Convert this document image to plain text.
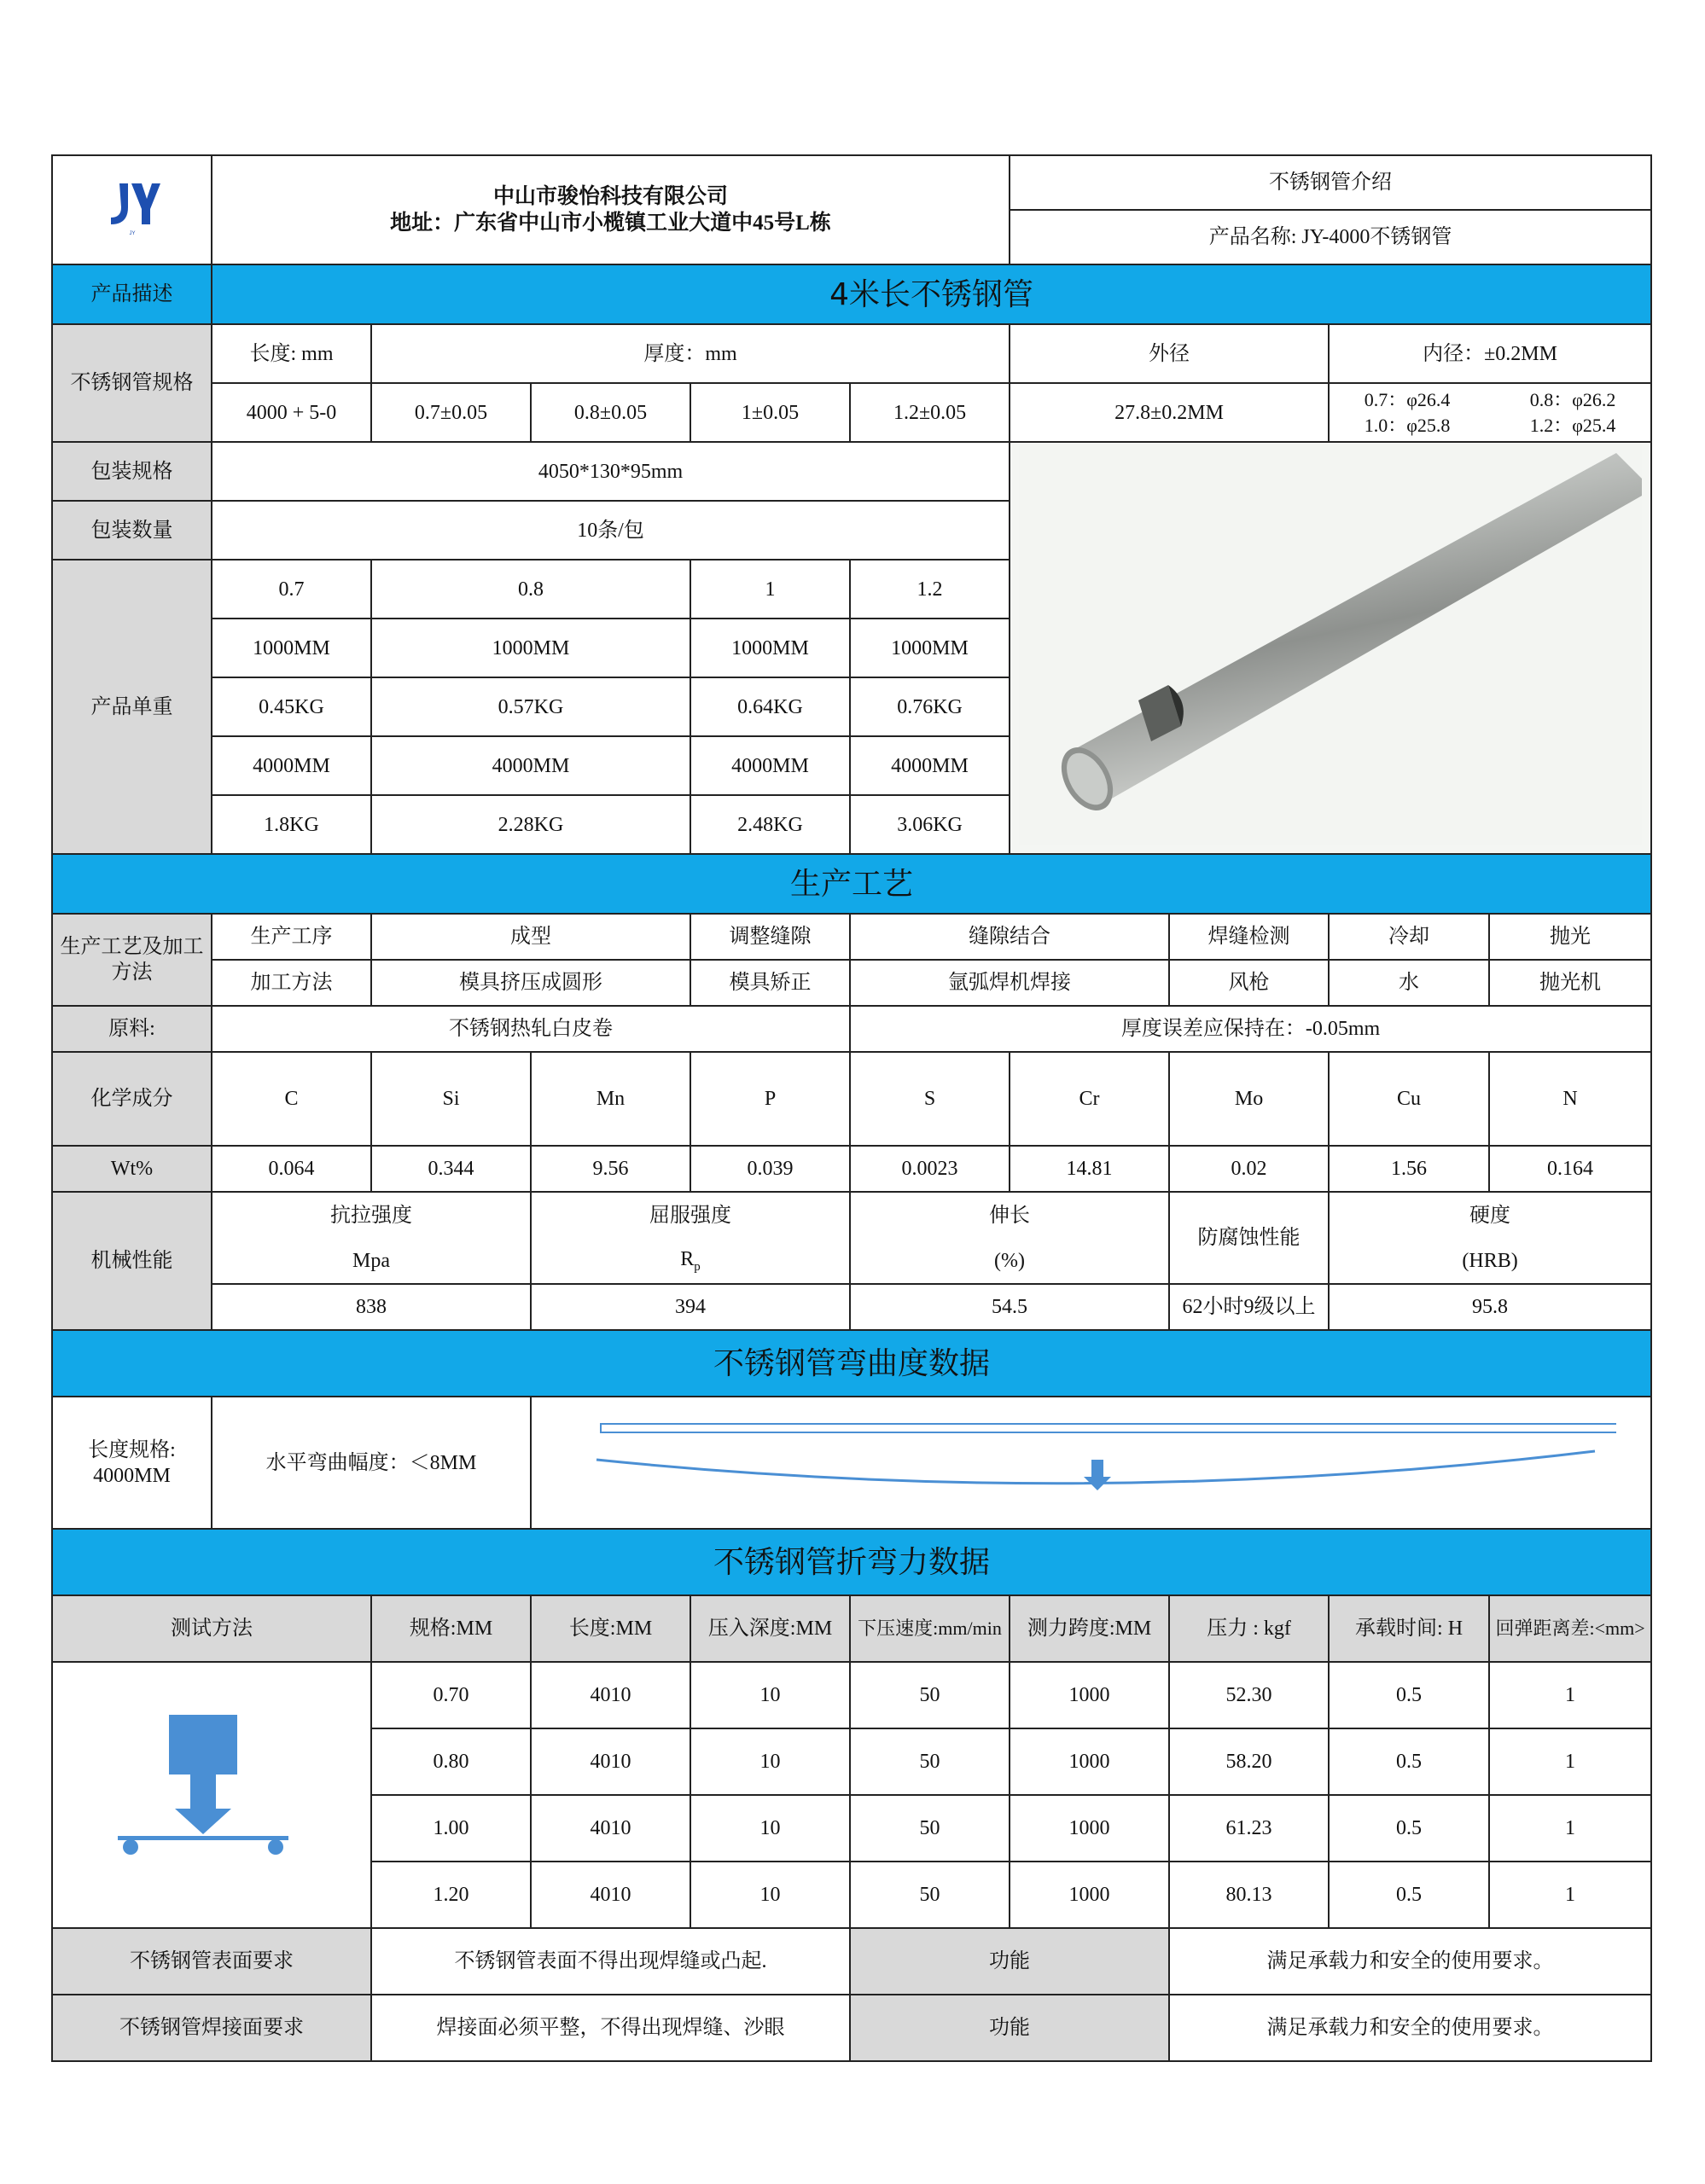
JY	中山市骏怡科技有限公司
地址：广东省中山市小榄镇工业大道中45号L栋					不锈钢管介绍			
						产品名称: JY-4000不锈钢管			
产品描述	4米长不锈钢管								
不锈钢管规格	长度: mm	厚度：mm				外径		内径：±0.2MM	
	4000 + 5-0	0.7±0.05	0.8±0.05	1±0.05	1.2±0.05	27.8±0.2MM		0.7：φ26.4 0.8：φ26.2
1.0：φ25.8 1.2：φ25.4	

包装规格	4050*130*95mm	
包装数量	10条/包								
产品单重	0.7	0.8		1	1.2				
	1000MM	1000MM		1000MM	1000MM				
	0.45KG	0.57KG		0.64KG	0.76KG				
	4000MM	4000MM		4000MM	4000MM				
	1.8KG	2.28KG		2.48KG	3.06KG				
生产工艺									
生产工艺及加工方法	生产工序	成型		调整缝隙	缝隙结合		焊缝检测	冷却	抛光
	加工方法	模具挤压成圆形		模具矫正	氩弧焊机焊接		风枪	水	抛光机
原料:	不锈钢热轧白皮卷				厚度误差应保持在：-0.05mm				
化学成分	C	Si	Mn	P	S	Cr	Mo	Cu	N
Wt%	0.064	0.344	9.56	0.039	0.0023	14.81	0.02	1.56	0.164
机械性能	抗拉强度		屈服强度		伸长		防腐蚀性能	硬度	
	Mpa		$R_p$		(%)			(HRB)	
	838		394		54.5		62小时9级以上	95.8	
不锈钢管弯曲度数据									
长度规格:
4000MM	水平弯曲幅度：＜8MM	
不锈钢管折弯力数据									
测试方法		规格:MM	长度:MM	压入深度:MM	下压速度:mm/min	测力跨度:MM	压力 : kgf	承载时间: H	回弹距离差:<mm>
	0.70	4010	10	50	1000	52.30	0.5	1
		0.80	4010	10	50	1000	58.20	0.5	1
		1.00	4010	10	50	1000	61.23	0.5	1
		1.20	4010	10	50	1000	80.13	0.5	1
不锈钢管表面要求		不锈钢管表面不得出现焊缝或凸起.			功能		满足承载力和安全的使用要求。		
不锈钢管焊接面要求		焊接面必须平整，不得出现焊缝、沙眼			功能		满足承载力和安全的使用要求。		
